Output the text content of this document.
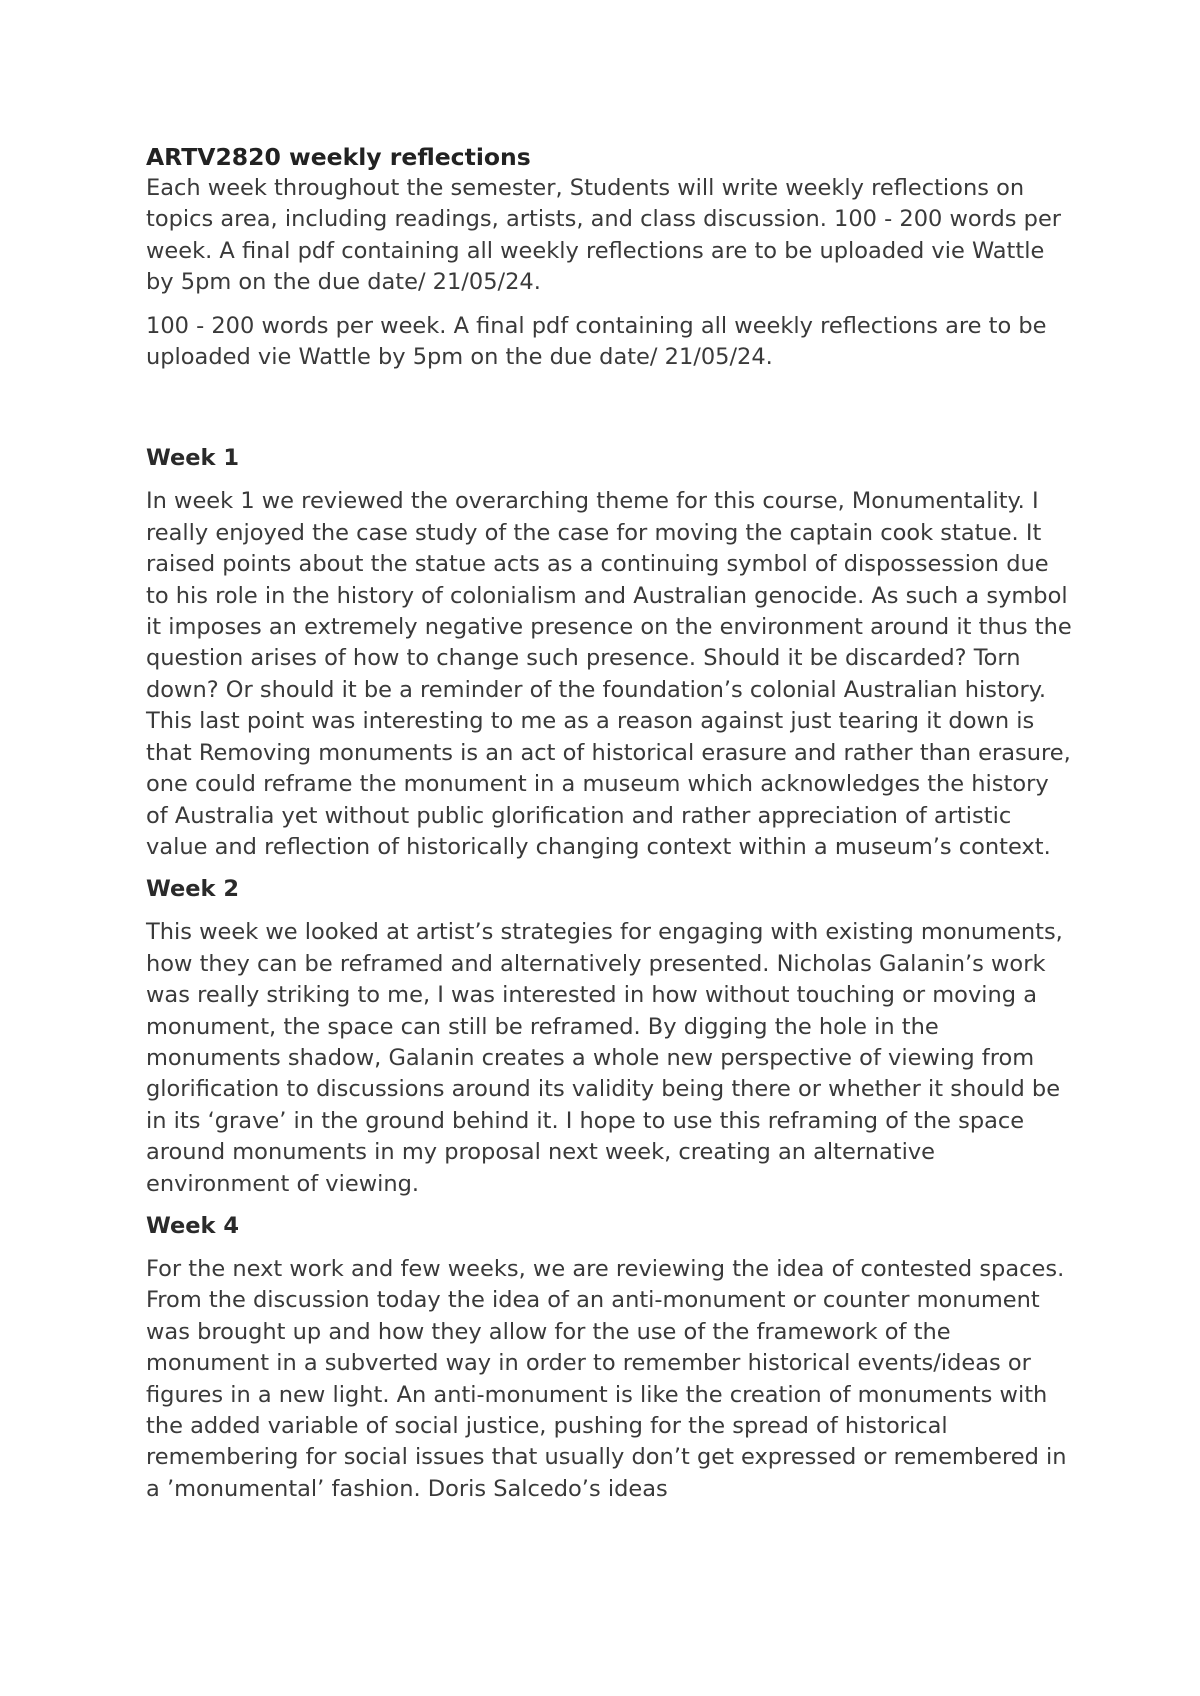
ARTV2820 weekly reflections

Each week throughout the semester, Students will write weekly reflections on topics area, including readings, artists, and class discussion. 100 - 200 words per week. A final pdf containing all weekly reflections are to be uploaded vie Wattle by 5pm on the due date/ 21/05/24.

100 - 200 words per week. A final pdf containing all weekly reflections are to be uploaded vie Wattle by 5pm on the due date/ 21/05/24.

Week 1

In week 1 we reviewed the overarching theme for this course, Monumentality. I really enjoyed the case study of the case for moving the captain cook statue. It raised points about the statue acts as a continuing symbol of dispossession due to his role in the history of colonialism and Australian genocide. As such a symbol it imposes an extremely negative presence on the environment around it thus the question arises of how to change such presence. Should it be discarded? Torn down? Or should it be a reminder of the foundation’s colonial Australian history. This last point was interesting to me as a reason against just tearing it down is that Removing monuments is an act of historical erasure and rather than erasure, one could reframe the monument in a museum which acknowledges the history of Australia yet without public glorification and rather appreciation of artistic value and reflection of historically changing context within a museum’s context.

Week 2

This week we looked at artist’s strategies for engaging with existing monuments, how they can be reframed and alternatively presented. Nicholas Galanin’s work was really striking to me, I was interested in how without touching or moving a monument, the space can still be reframed. By digging the hole in the monuments shadow, Galanin creates a whole new perspective of viewing from glorification to discussions around its validity being there or whether it should be in its ‘grave’ in the ground behind it. I hope to use this reframing of the space around monuments in my proposal next week, creating an alternative environment of viewing.

Week 4

For the next work and few weeks, we are reviewing the idea of contested spaces. From the discussion today the idea of an anti-monument or counter monument was brought up and how they allow for the use of the framework of the monument in a subverted way in order to remember historical events/ideas or figures in a new light. An anti-monument is like the creation of monuments with the added variable of social justice, pushing for the spread of historical remembering for social issues that usually don’t get expressed or remembered in a ’monumental’ fashion. Doris Salcedo’s ideas
